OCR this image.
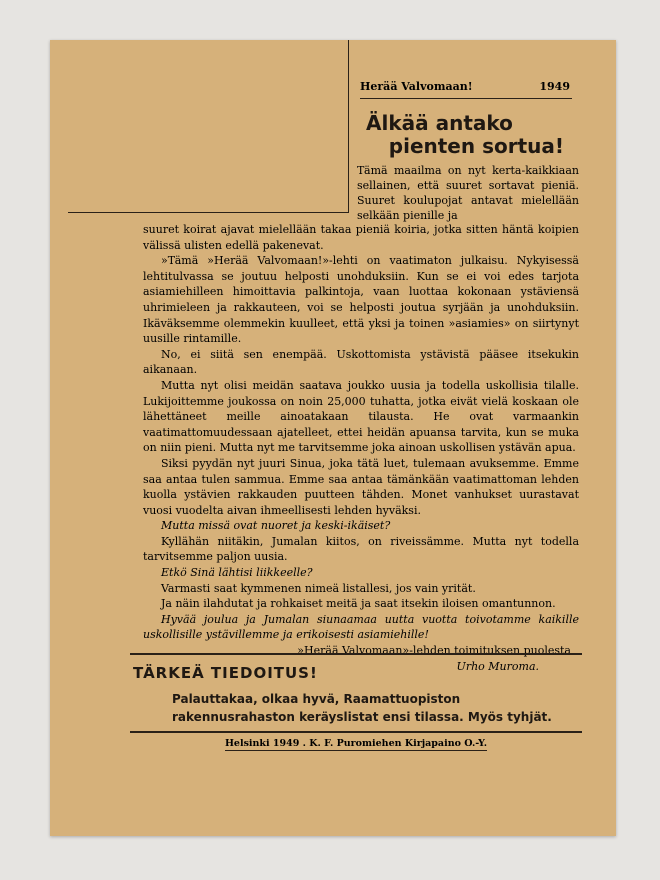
Herää Valvomaan!	1949
Älkää antako
pienten sortua!
Tämä maailma on nyt kerta-kaikkiaan sellainen, että suuret sortavat pieniä. Suuret koulupojat antavat mielellään selkään pienille ja

suuret koirat ajavat mielellään takaa pieniä koiria, jotka sitten häntä koipien välissä ulisten edellä pakenevat.

»Tämä »Herää Valvomaan!»-lehti on vaatimaton julkaisu. Nykyisessä lehtitulvassa se joutuu helposti unohduksiin. Kun se ei voi edes tarjota asiamiehilleen himoittavia palkintoja, vaan luottaa kokonaan ystäviensä uhrimieleen ja rakkauteen, voi se helposti joutua syrjään ja unohduksiin. Ikäväksemme olemmekin kuulleet, että yksi ja toinen »asiamies» on siirtynyt uusille rintamille.

No, ei siitä sen enempää. Uskottomista ystävistä pääsee itsekukin aikanaan.

Mutta nyt olisi meidän saatava joukko uusia ja todella uskollisia tilalle. Lukijoittemme joukossa on noin 25,000 tuhatta, jotka eivät vielä koskaan ole lähettäneet meille ainoatakaan tilausta. He ovat varmaankin vaatimattomuudessaan ajatelleet, ettei heidän apuansa tarvita, kun se muka on niin pieni. Mutta nyt me tarvitsemme joka ainoan uskollisen ystävän apua.

Siksi pyydän nyt juuri Sinua, joka tätä luet, tulemaan avuksemme. Emme saa antaa tulen sammua. Emme saa antaa tämänkään vaatimattoman lehden kuolla ystävien rakkauden puutteen tähden. Monet vanhukset uurastavat vuosi vuodelta aivan ihmeellisesti lehden hyväksi.

Mutta missä ovat nuoret ja keski-ikäiset?

Kyllähän niitäkin, Jumalan kiitos, on riveissämme. Mutta nyt todella tarvitsemme paljon uusia.

Etkö Sinä lähtisi liikkeelle?

Varmasti saat kymmenen nimeä listallesi, jos vain yrität.

Ja näin ilahdutat ja rohkaiset meitä ja saat itsekin iloisen omantunnon.

Hyvää joulua ja Jumalan siunaamaa uutta vuotta toivotamme kaikille uskollisille ystävillemme ja erikoisesti asiamiehille!

»Herää Valvomaan»-lehden toimituksen puolesta

Urho Muroma.

TÄRKEÄ TIEDOITUS!
Palauttakaa, olkaa hyvä, Raamattuopiston rakennusrahaston keräyslistat ensi tilassa. Myös tyhjät.
Helsinki 1949 . K. F. Puromiehen Kirjapaino O.-Y.
